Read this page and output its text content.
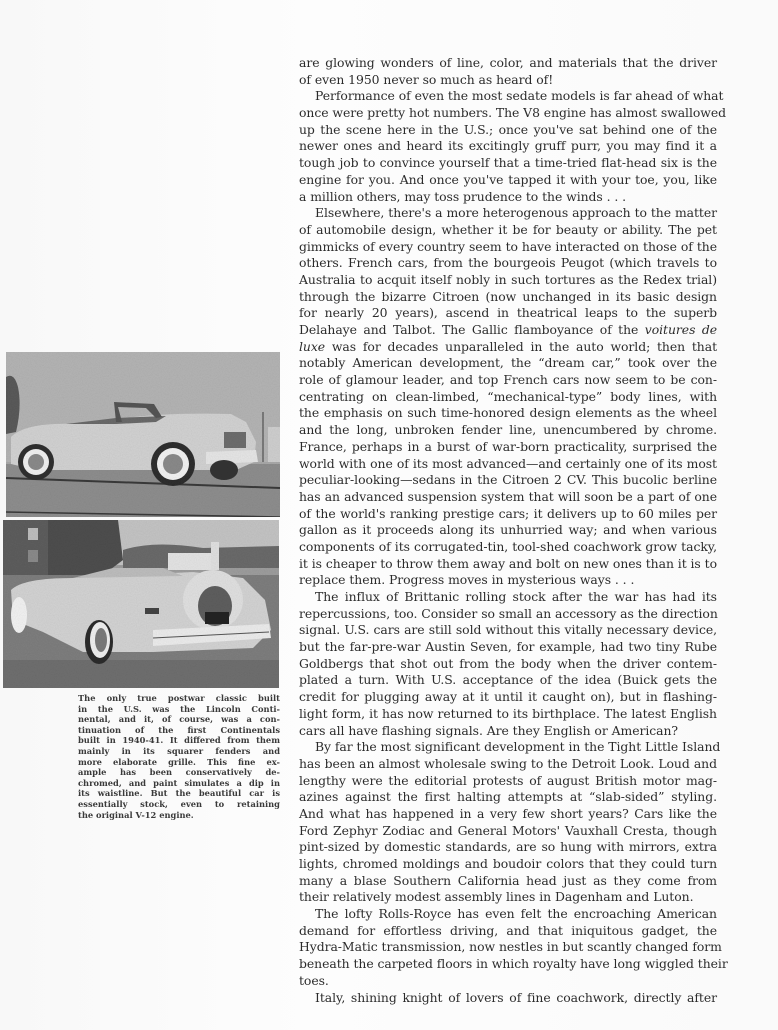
The only true postwar classic built
in the U.S. was the Lincoln Conti-
nental, and it, of course, was a con-
tinuation of the first Continentals
built in 1940-41. It differed from them
mainly in its squarer fenders and
more elaborate grille. This fine ex-
ample has been conservatively de-
chromed, and paint simulates a dip in
its waistline. But the beautiful car is
essentially stock, even to retaining
the original V-12 engine.
are glowing wonders of line, color, and materials that the driver
of even 1950 never so much as heard of!
Performance of even the most sedate models is far ahead of what
once were pretty hot numbers. The V8 engine has almost swallowed
up the scene here in the U.S.; once you've sat behind one of the
newer ones and heard its excitingly gruff purr, you may find it a
tough job to convince yourself that a time-tried flat-head six is the
engine for you. And once you've tapped it with your toe, you, like
a million others, may toss prudence to the winds . . .
Elsewhere, there's a more heterogenous approach to the matter
of automobile design, whether it be for beauty or ability. The pet
gimmicks of every country seem to have interacted on those of the
others. French cars, from the bourgeois Peugot (which travels to
Australia to acquit itself nobly in such tortures as the Redex trial)
through the bizarre Citroen (now unchanged in its basic design
for nearly 20 years), ascend in theatrical leaps to the superb
Delahaye and Talbot. The Gallic flamboyance of the voitures de
luxe was for decades unparalleled in the auto world; then that
notably American development, the “dream car,” took over the
role of glamour leader, and top French cars now seem to be con-
centrating on clean-limbed, “mechanical-type” body lines, with
the emphasis on such time-honored design elements as the wheel
and the long, unbroken fender line, unencumbered by chrome.
France, perhaps in a burst of war-born practicality, surprised the
world with one of its most advanced—and certainly one of its most
peculiar-looking—sedans in the Citroen 2 CV. This bucolic berline
has an advanced suspension system that will soon be a part of one
of the world's ranking prestige cars; it delivers up to 60 miles per
gallon as it proceeds along its unhurried way; and when various
components of its corrugated-tin, tool-shed coachwork grow tacky,
it is cheaper to throw them away and bolt on new ones than it is to
replace them. Progress moves in mysterious ways . . .
The influx of Brittanic rolling stock after the war has had its
repercussions, too. Consider so small an accessory as the direction
signal. U.S. cars are still sold without this vitally necessary device,
but the far-pre-war Austin Seven, for example, had two tiny Rube
Goldbergs that shot out from the body when the driver contem-
plated a turn. With U.S. acceptance of the idea (Buick gets the
credit for plugging away at it until it caught on), but in flashing-
light form, it has now returned to its birthplace. The latest English
cars all have flashing signals. Are they English or American?
By far the most significant development in the Tight Little Island
has been an almost wholesale swing to the Detroit Look. Loud and
lengthy were the editorial protests of august British motor mag-
azines against the first halting attempts at “slab-sided” styling.
And what has happened in a very few short years? Cars like the
Ford Zephyr Zodiac and General Motors' Vauxhall Cresta, though
pint-sized by domestic standards, are so hung with mirrors, extra
lights, chromed moldings and boudoir colors that they could turn
many a blase Southern California head just as they come from
their relatively modest assembly lines in Dagenham and Luton.
The lofty Rolls-Royce has even felt the encroaching American
demand for effortless driving, and that iniquitous gadget, the
Hydra-Matic transmission, now nestles in but scantly changed form
beneath the carpeted floors in which royalty have long wiggled their
toes.
Italy, shining knight of lovers of fine coachwork, directly after
